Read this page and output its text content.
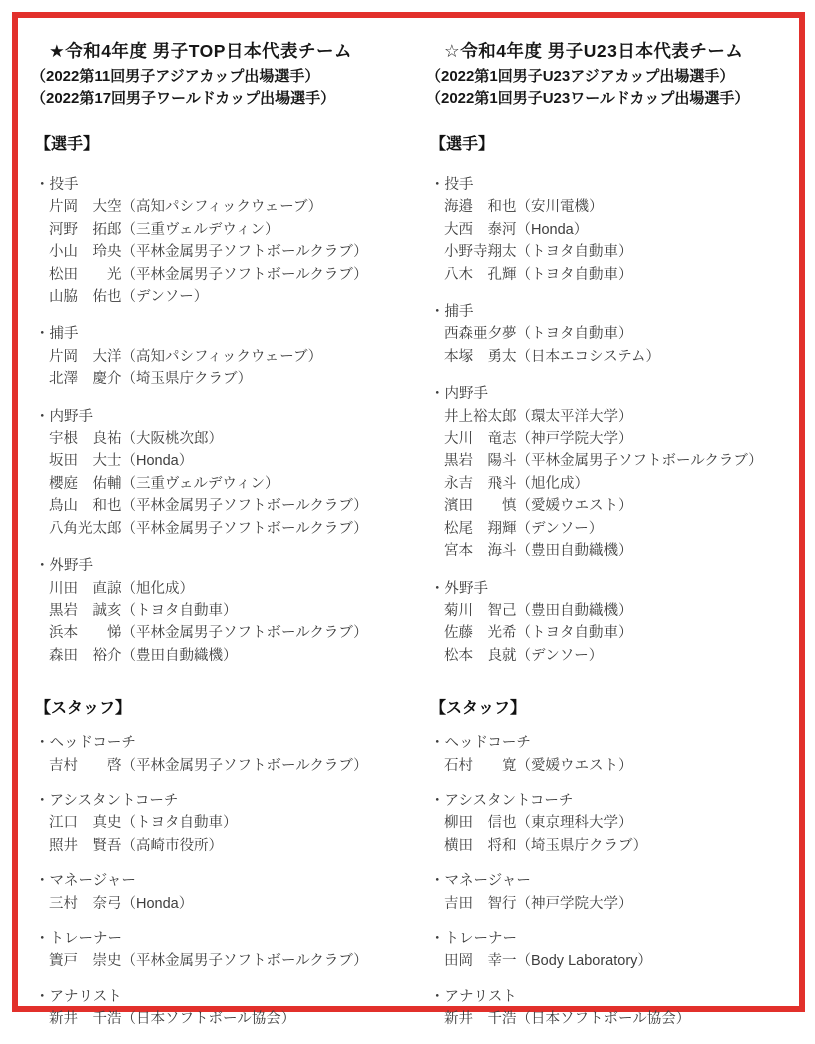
★令和4年度 男子TOP日本代表チーム
（2022第11回男子アジアカップ出場選手）
（2022第17回男子ワールドカップ出場選手）
【選手】
・投手
片岡　大空（高知パシフィックウェーブ）
河野　拓郎（三重ヴェルデウィン）
小山　玲央（平林金属男子ソフトボールクラブ）
松田　　光（平林金属男子ソフトボールクラブ）
山脇　佑也（デンソー）
・捕手
片岡　大洋（高知パシフィックウェーブ）
北澤　慶介（埼玉県庁クラブ）
・内野手
宇根　良祐（大阪桃次郎）
坂田　大士（Honda）
櫻庭　佑輔（三重ヴェルデウィン）
鳥山　和也（平林金属男子ソフトボールクラブ）
八角光太郎（平林金属男子ソフトボールクラブ）
・外野手
川田　直諒（旭化成）
黒岩　誠亥（トヨタ自動車）
浜本　　悌（平林金属男子ソフトボールクラブ）
森田　裕介（豊田自動織機）
【スタッフ】
・ヘッドコーチ
吉村　　啓（平林金属男子ソフトボールクラブ）
・アシスタントコーチ
江口　真史（トヨタ自動車）
照井　賢吾（高崎市役所）
・マネージャー
三村　奈弓（Honda）
・トレーナー
簀戸　崇史（平林金属男子ソフトボールクラブ）
・アナリスト
新井　千浩（日本ソフトボール協会）
☆令和4年度 男子U23日本代表チーム
（2022第1回男子U23アジアカップ出場選手）
（2022第1回男子U23ワールドカップ出場選手）
【選手】
・投手
海邉　和也（安川電機）
大西　泰河（Honda）
小野寺翔太（トヨタ自動車）
八木　孔輝（トヨタ自動車）
・捕手
西森亜夕夢（トヨタ自動車）
本塚　勇太（日本エコシステム）
・内野手
井上裕太郎（環太平洋大学）
大川　竜志（神戸学院大学）
黒岩　陽斗（平林金属男子ソフトボールクラブ）
永吉　飛斗（旭化成）
濱田　　慎（愛媛ウエスト）
松尾　翔輝（デンソー）
宮本　海斗（豊田自動織機）
・外野手
菊川　智己（豊田自動織機）
佐藤　光希（トヨタ自動車）
松本　良就（デンソー）
【スタッフ】
・ヘッドコーチ
石村　　寛（愛媛ウエスト）
・アシスタントコーチ
柳田　信也（東京理科大学）
横田　将和（埼玉県庁クラブ）
・マネージャー
吉田　智行（神戸学院大学）
・トレーナー
田岡　幸一（Body Laboratory）
・アナリスト
新井　千浩（日本ソフトボール協会）
